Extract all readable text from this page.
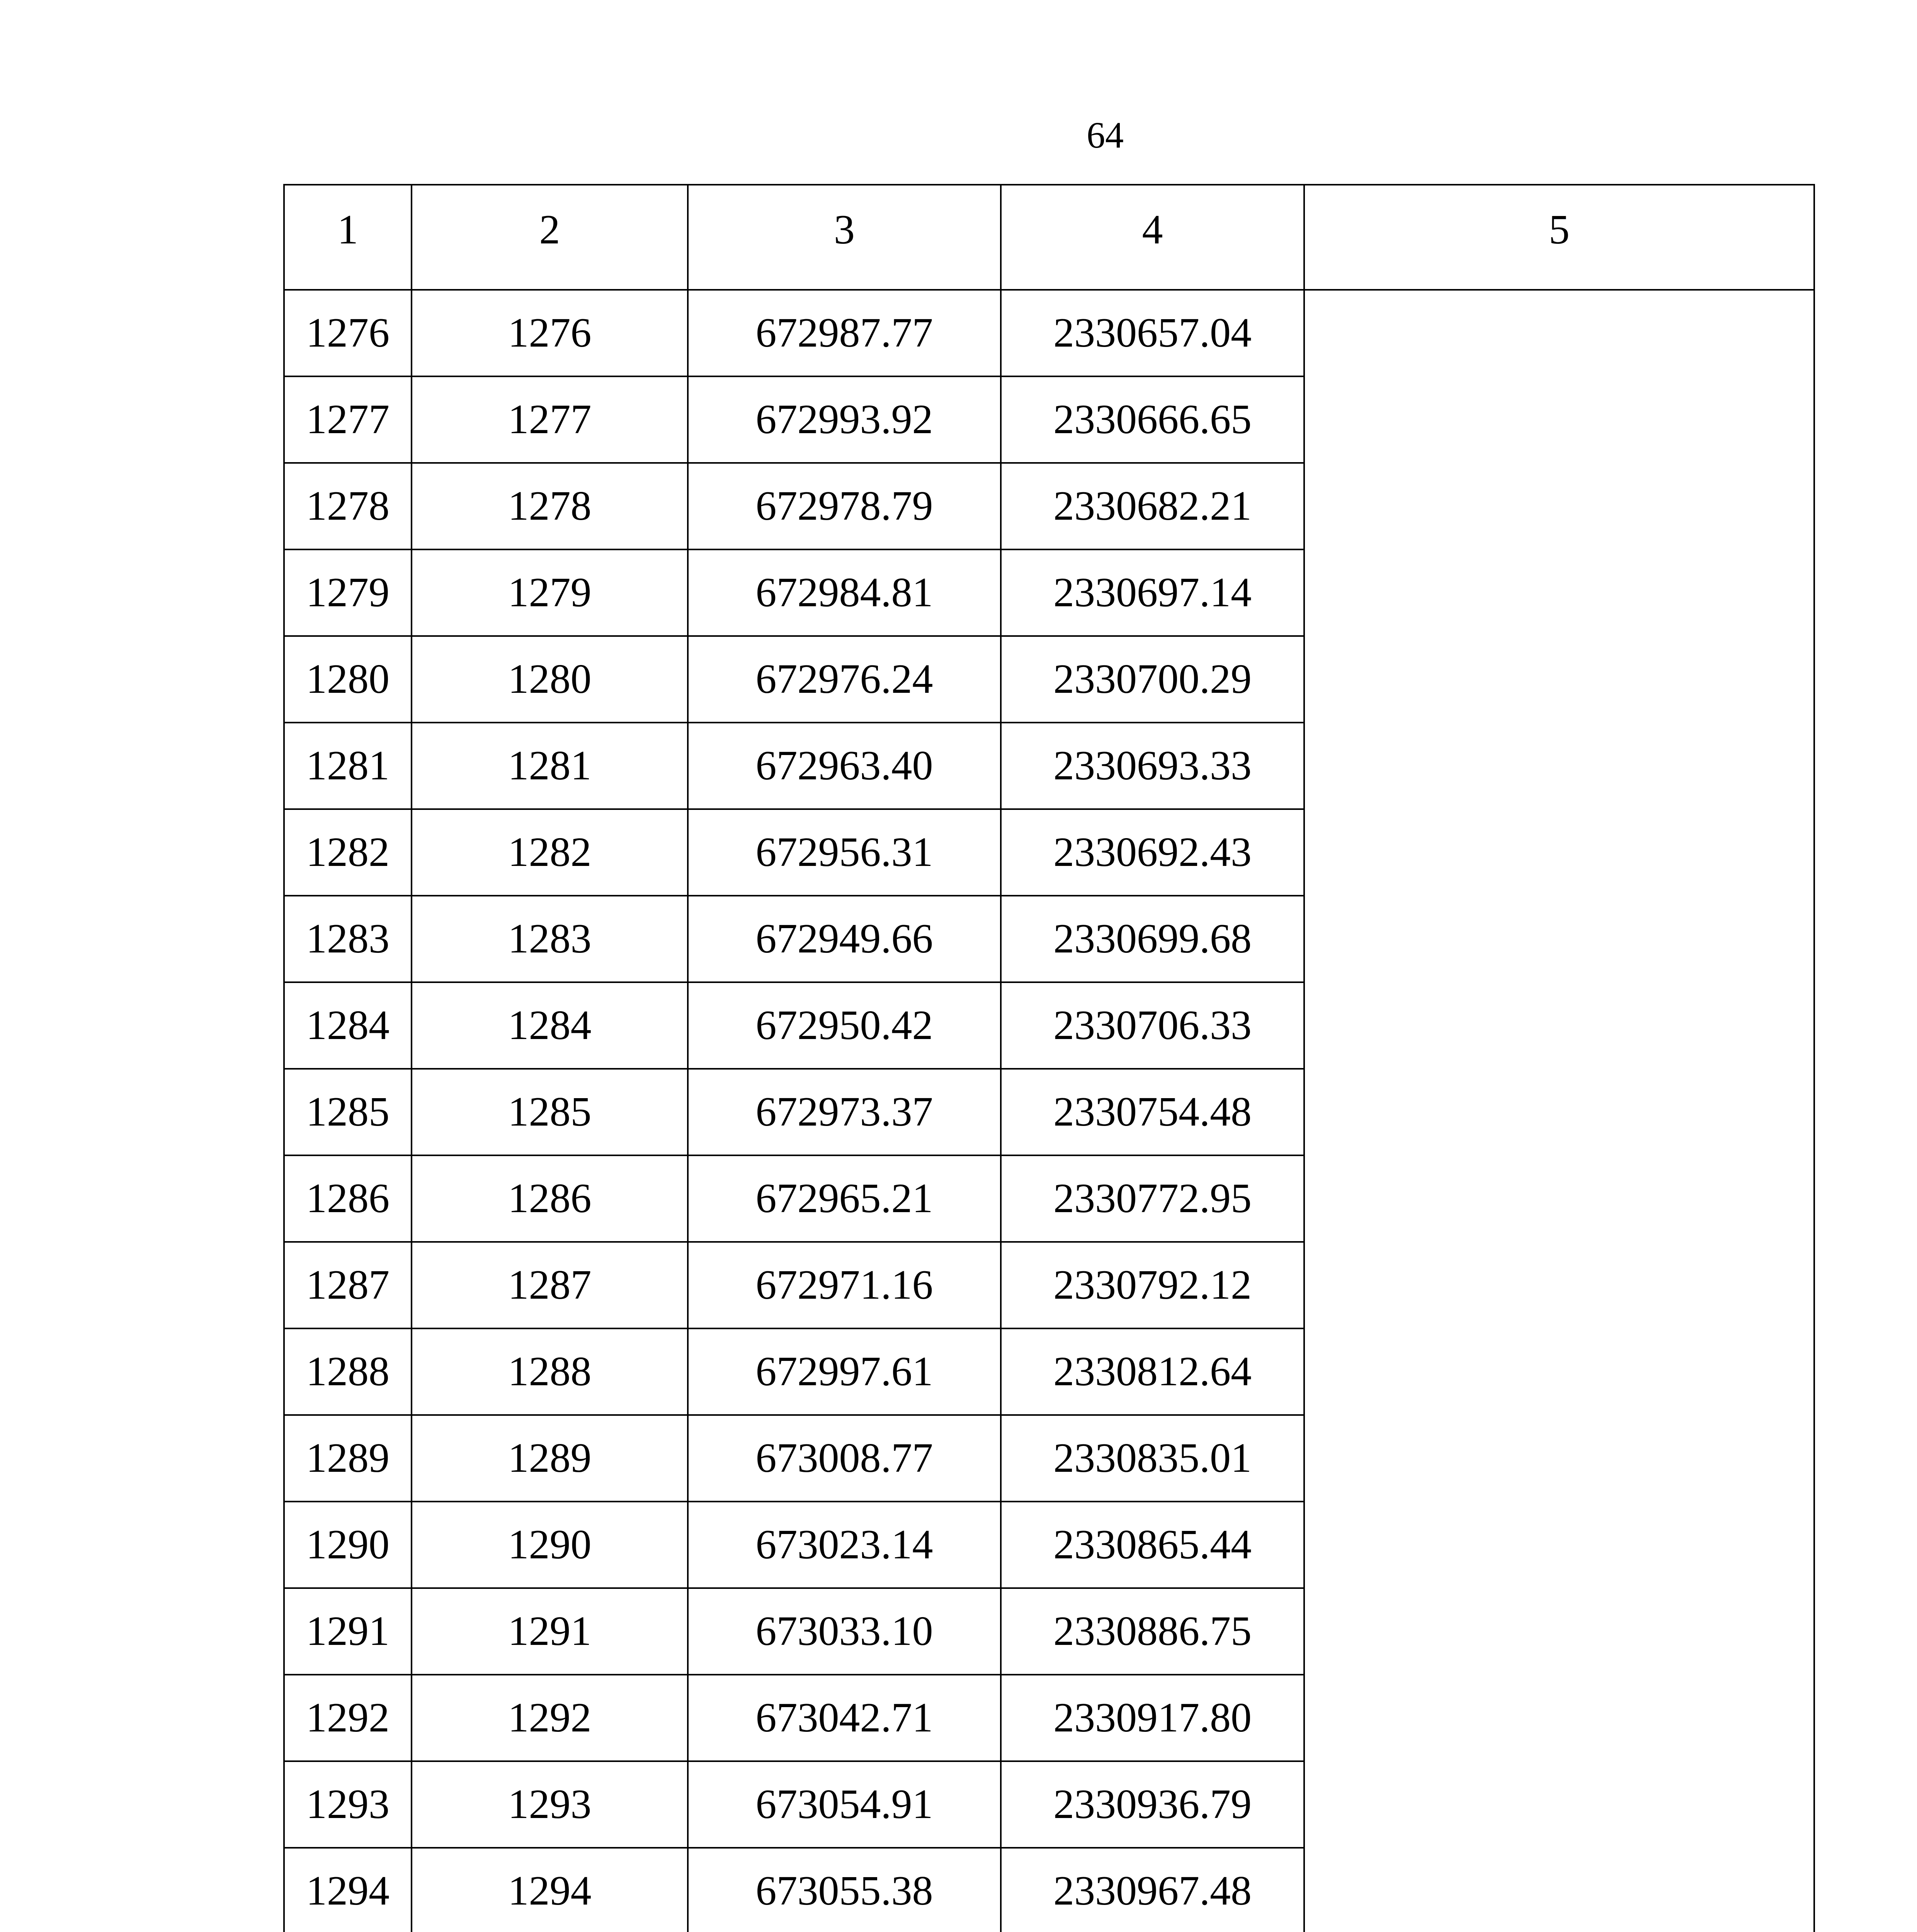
64
1	2	3	4	5
1276	1276	672987.77	2330657.04	
1277	1277	672993.92	2330666.65	
1278	1278	672978.79	2330682.21	
1279	1279	672984.81	2330697.14	
1280	1280	672976.24	2330700.29	
1281	1281	672963.40	2330693.33	
1282	1282	672956.31	2330692.43	
1283	1283	672949.66	2330699.68	
1284	1284	672950.42	2330706.33	
1285	1285	672973.37	2330754.48	
1286	1286	672965.21	2330772.95	
1287	1287	672971.16	2330792.12	
1288	1288	672997.61	2330812.64	
1289	1289	673008.77	2330835.01	
1290	1290	673023.14	2330865.44	
1291	1291	673033.10	2330886.75	
1292	1292	673042.71	2330917.80	
1293	1293	673054.91	2330936.79	
1294	1294	673055.38	2330967.48	
